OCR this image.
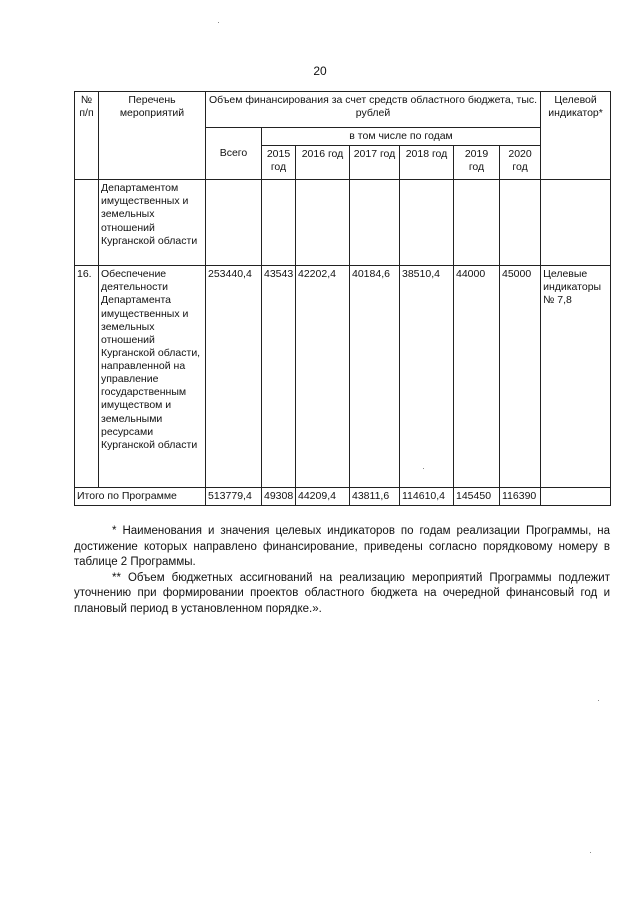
20
№ п/п	Перечень мероприятий	Объем финансирования за счет средств областного бюджета, тыс. рублей							Целевой индикатор*
		Всего	в том числе по годам						
			2015 год	2016 год	2017 год	2018 год	2019 год	2020 год	
	Департаментом имущественных и земельных отношений Курганской области								
16.	Обеспечение деятельности Департамента имущественных и земельных отношений Курганской области, направленной на управление государственным имуществом и земельными ресурсами Курганской области	253440,4	43543	42202,4	40184,6	38510,4	44000	45000	Целевые индикаторы № 7,8
Итого по Программе		513779,4	49308	44209,4	43811,6	114610,4	145450	116390	

* Наименования и значения целевых индикаторов по годам реализации Программы, на достижение которых направлено финансирование, приведены согласно порядковому номеру в таблице 2 Программы.

** Объем бюджетных ассигнований на реализацию мероприятий Программы подлежит уточнению при формировании проектов областного бюджета на очередной финансовый год и плановый период в установленном порядке.».
